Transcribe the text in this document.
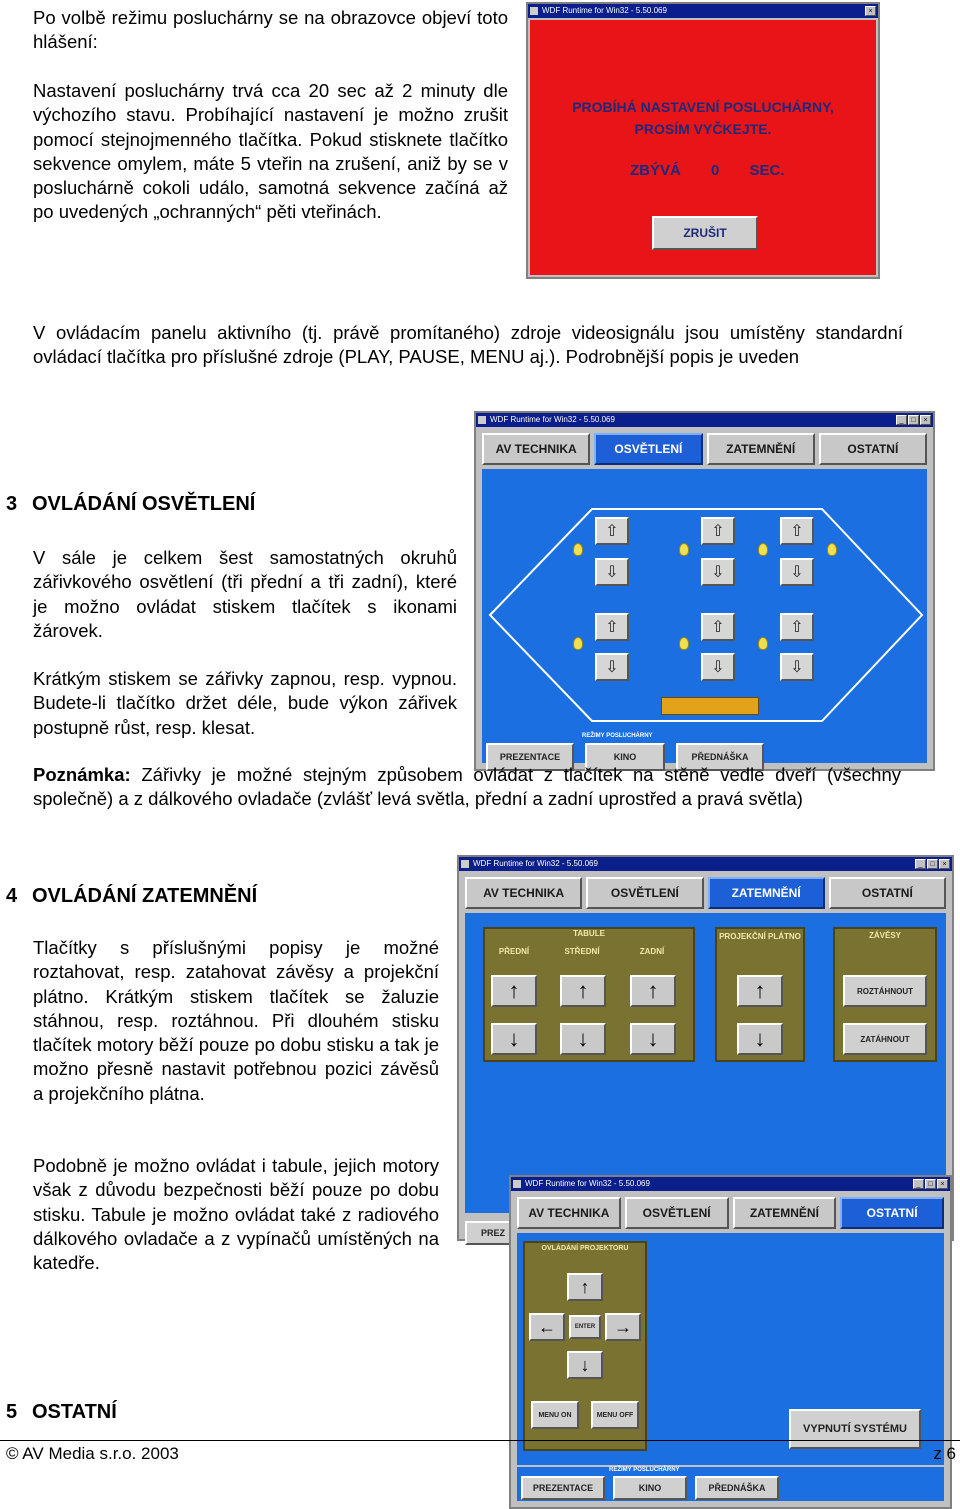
Po volbě režimu posluchárny se na obrazovce objeví toto hlášení:
Nastavení posluchárny trvá cca 20 sec až 2 minuty dle výchozího stavu. Probíhající nastavení je možno zrušit pomocí stejnojmenného tlačítka. Pokud stisknete tlačítko sekvence omylem, máte 5 vteřin na zrušení, aniž by se v posluchárně cokoli událo, samotná sekvence začíná až po uvedených „ochranných“ pěti vteřinách.
WDF Runtime for Win32 - 5.50.069	×
PROBÍHÁ NASTAVENÍ POSLUCHÁRNY,
PROSÍM VYČKEJTE.
ZBÝVÁ 0 SEC.
ZRUŠIT
V ovládacím panelu aktivního (tj. právě promítaného) zdroje videosignálu jsou umístěny standardní ovládací tlačítka pro příslušné zdroje (PLAY, PAUSE, MENU aj.). Podrobnější popis je uveden
WDF Runtime for Win32 - 5.50.069	_	□	×
AV TECHNIKA	OSVĚTLENÍ	ZATEMNĚNÍ	OSTATNÍ
⇧	⇧	⇧
⇩	⇩	⇩
⇧	⇧	⇧
⇩	⇩	⇩
REŽIMY POSLUCHÁRNY
PREZENTACE	KINO	PŘEDNÁŠKA
3 OVLÁDÁNÍ OSVĚTLENÍ
V sále je celkem šest samostatných okruhů zářivkového osvětlení (tři přední a tři zadní), které je možno ovládat stiskem tlačítek s ikonami žárovek.
Krátkým stiskem se zářivky zapnou, resp. vypnou. Budete-li tlačítko držet déle, bude výkon zářivek postupně růst, resp. klesat.
Poznámka: Zářivky je možné stejným způsobem ovládat z tlačítek na stěně vedle dveří (všechny společně) a z dálkového ovladače (zvlášť levá světla, přední a zadní uprostřed a pravá světla)
WDF Runtime for Win32 - 5.50.069	_	□	×
AV TECHNIKA	OSVĚTLENÍ	ZATEMNĚNÍ	OSTATNÍ
TABULE
PŘEDNÍ	STŘEDNÍ	ZADNÍ
↑	↑	↑
↓	↓	↓
PROJEKČNÍ PLÁTNO
↑
↓
ZÁVĚSY
ROZTÁHNOUT
ZATÁHNOUT
PREZ
4 OVLÁDÁNÍ ZATEMNĚNÍ
Tlačítky s příslušnými popisy je možné roztahovat, resp. zatahovat závěsy a projekční plátno. Krátkým stiskem tlačítek se žaluzie stáhnou, resp. roztáhnou. Při dlouhém stisku tlačítek motory běží pouze po dobu stisku a tak je možno přesně nastavit potřebnou pozici závěsů a projekčního plátna.
Podobně je možno ovládat i tabule, jejich motory však z důvodu bezpečnosti běží pouze po dobu stisku. Tabule je možno ovládat také z radiového dálkového ovladače a z vypínačů umístěných na katedře.
WDF Runtime for Win32 - 5.50.069	_	□	×
AV TECHNIKA	OSVĚTLENÍ	ZATEMNĚNÍ	OSTATNÍ
OVLÁDÁNÍ PROJEKTORU
↑
←	ENTER	→
↓
MENU ON	MENU OFF
VYPNUTÍ SYSTÉMU
REŽIMY POSLUCHÁRNY
PREZENTACE	KINO	PŘEDNÁŠKA
5 OSTATNÍ
© AV Media s.r.o. 2003	z 6
